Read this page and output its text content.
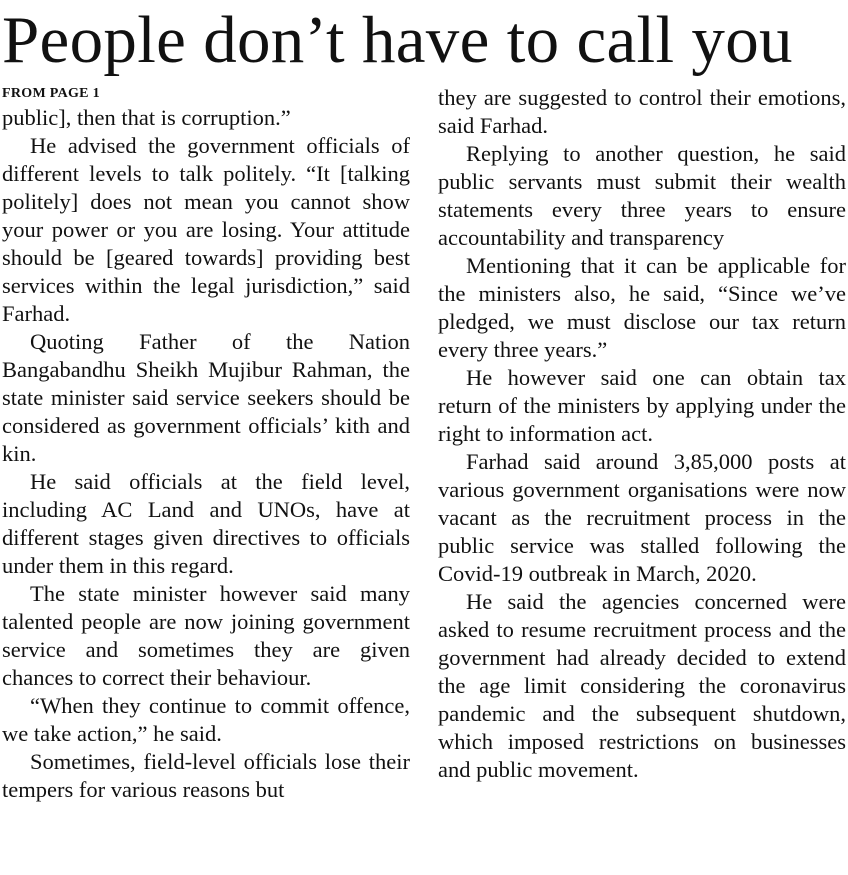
People don’t have to call you
FROM PAGE 1

public], then that is corruption.”

He advised the government officials of different levels to talk politely. “It [talking politely] does not mean you cannot show your power or you are losing. Your attitude should be [geared towards] providing best services within the legal jurisdiction,” said Farhad.

Quoting Father of the Nation Bangabandhu Sheikh Mujibur Rahman, the state minister said service seekers should be considered as government officials’ kith and kin.

He said officials at the field level, including AC Land and UNOs, have at different stages given directives to officials under them in this regard.

The state minister however said many talented people are now joining government service and sometimes they are given chances to correct their behaviour.

“When they continue to commit offence, we take action,” he said.

Sometimes, field-level officials lose their tempers for various reasons but

they are suggested to control their emotions, said Farhad.

Replying to another question, he said public servants must submit their wealth statements every three years to ensure accountability and transparency

Mentioning that it can be applicable for the ministers also, he said, “Since we’ve pledged, we must disclose our tax return every three years.”

He however said one can obtain tax return of the ministers by applying under the right to information act.

Farhad said around 3,85,000 posts at various government organisations were now vacant as the recruitment process in the public service was stalled following the Covid-19 outbreak in March, 2020.

He said the agencies concerned were asked to resume recruitment process and the government had already decided to extend the age limit considering the coronavirus pandemic and the subsequent shutdown, which imposed restrictions on businesses and public movement.
